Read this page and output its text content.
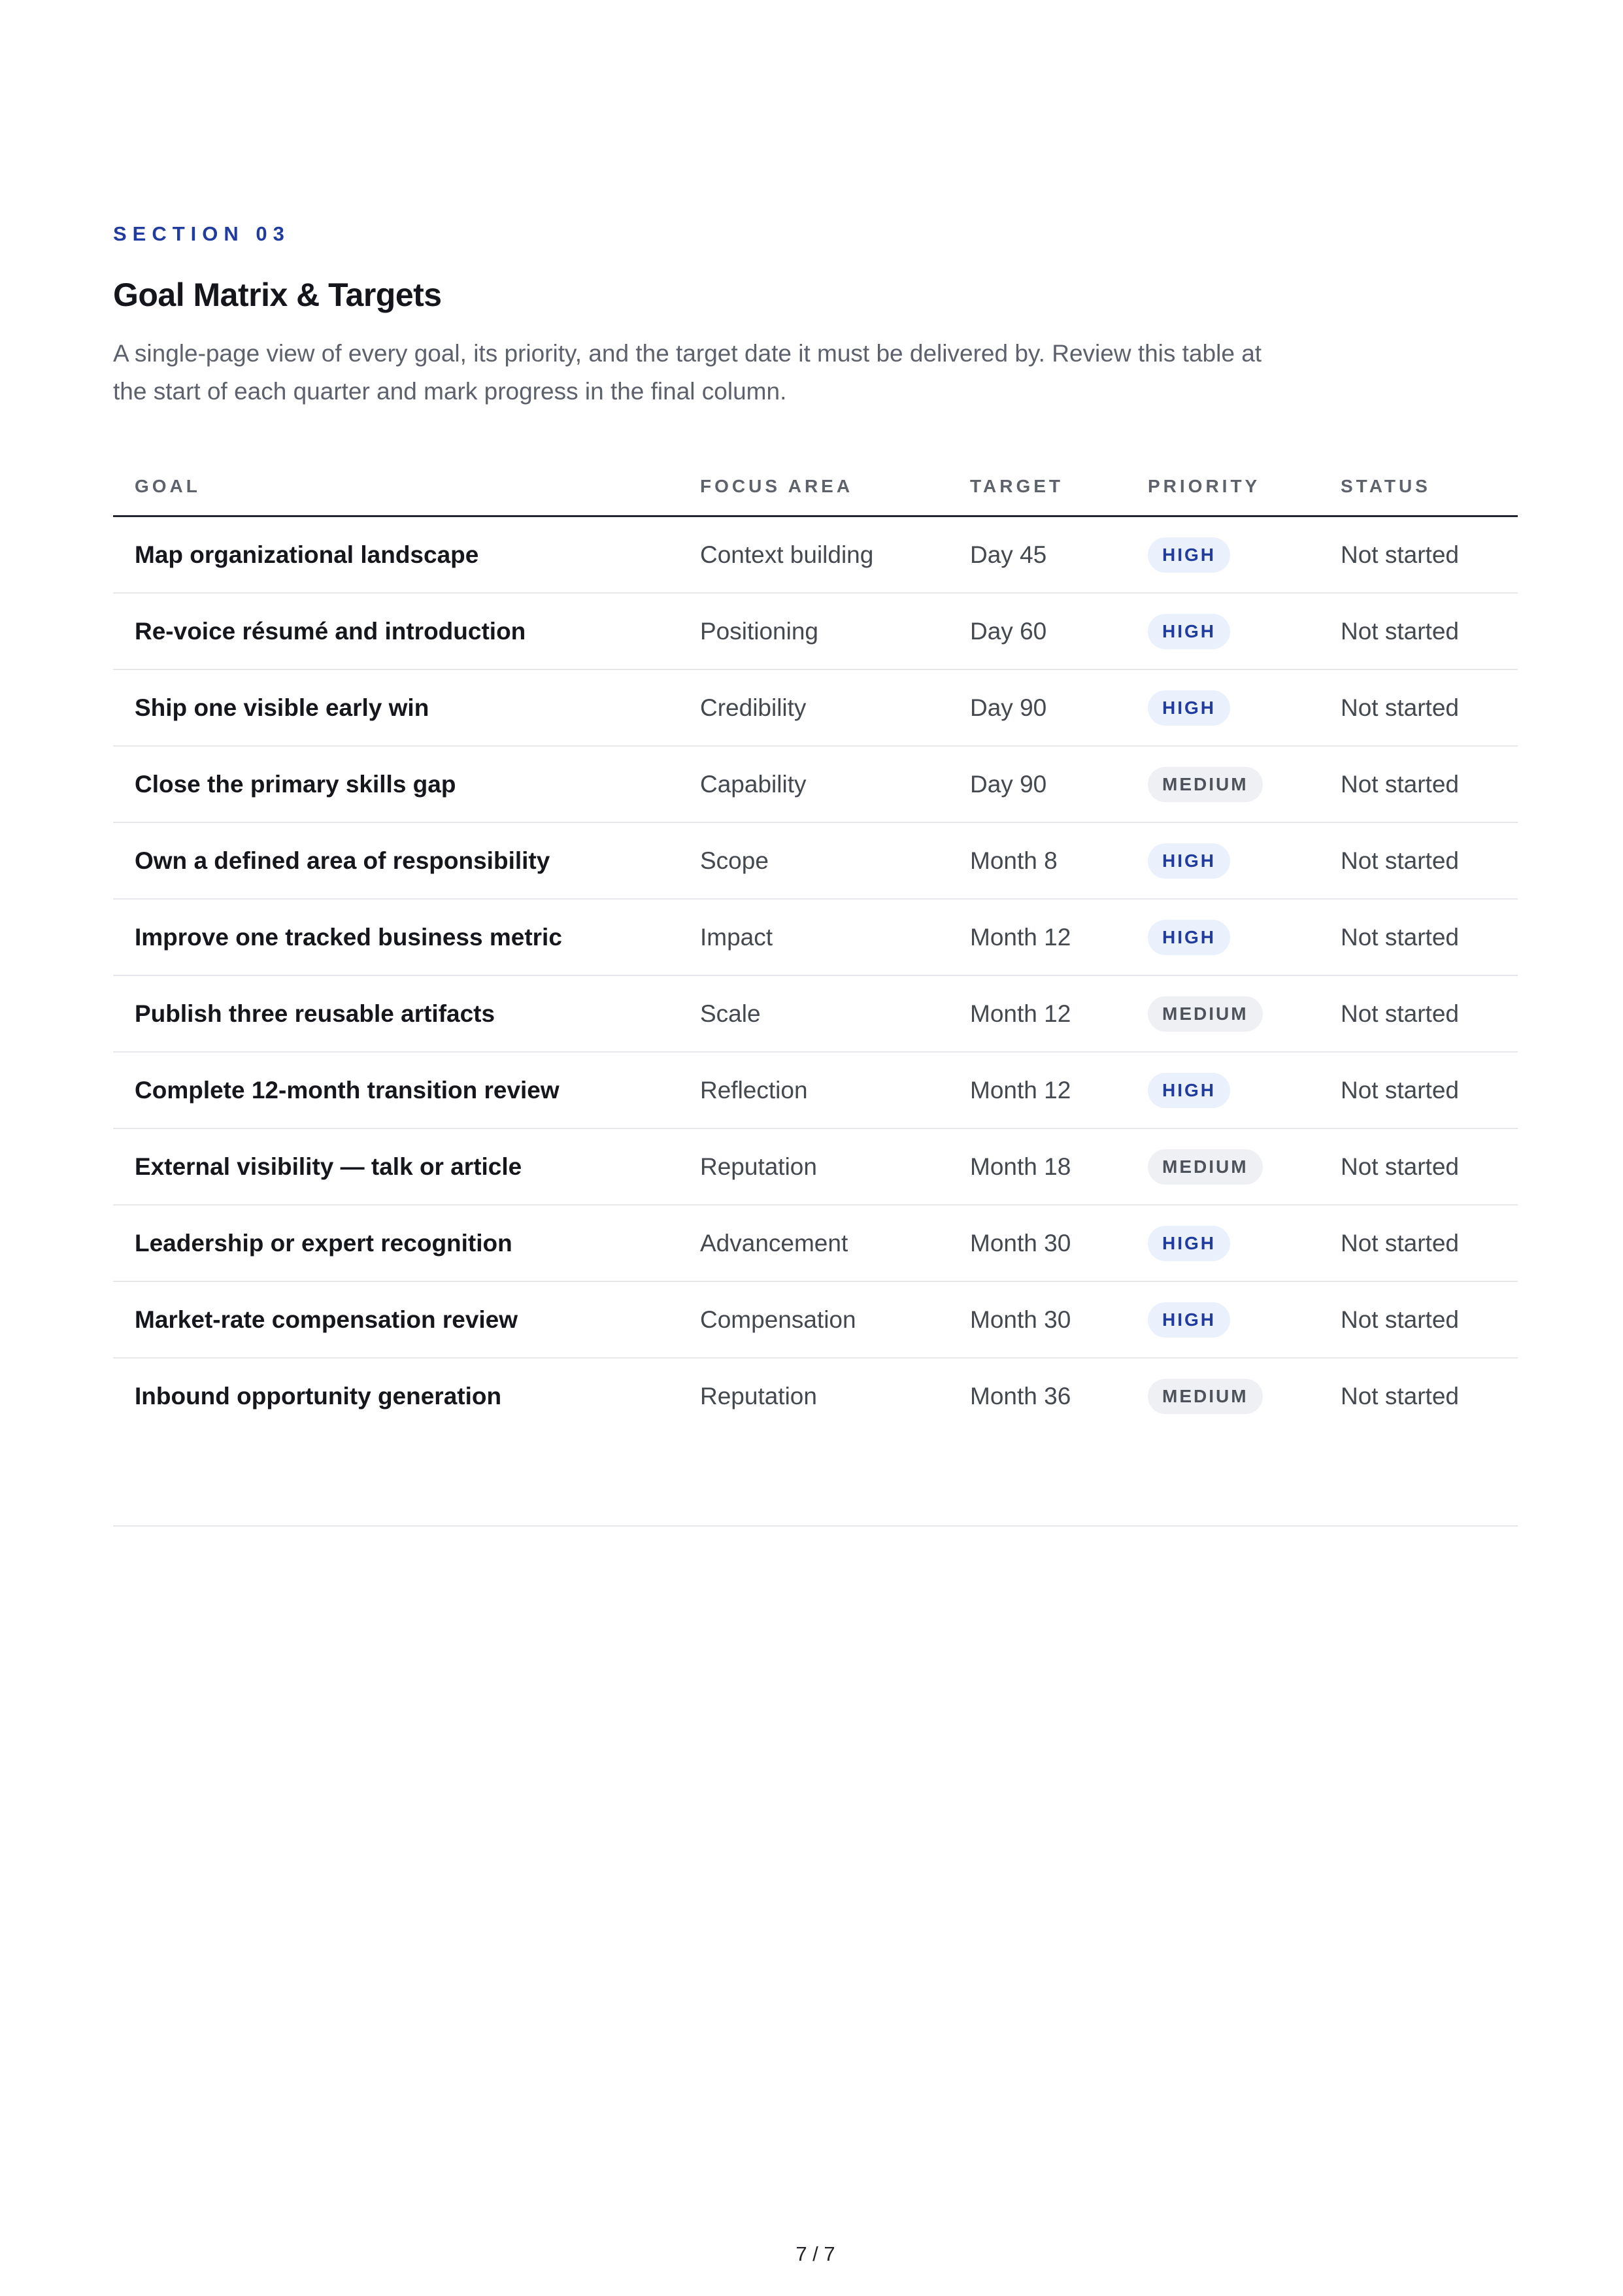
SECTION 03
Goal Matrix & Targets
A single-page view of every goal, its priority, and the target date it must be delivered by. Review this table at the start of each quarter and mark progress in the final column.
GOAL	FOCUS AREA	TARGET	PRIORITY	STATUS
Map organizational landscape	Context building	Day 45	HIGH	Not started
Re-voice résumé and introduction	Positioning	Day 60	HIGH	Not started
Ship one visible early win	Credibility	Day 90	HIGH	Not started
Close the primary skills gap	Capability	Day 90	MEDIUM	Not started
Own a defined area of responsibility	Scope	Month 8	HIGH	Not started
Improve one tracked business metric	Impact	Month 12	HIGH	Not started
Publish three reusable artifacts	Scale	Month 12	MEDIUM	Not started
Complete 12-month transition review	Reflection	Month 12	HIGH	Not started
External visibility — talk or article	Reputation	Month 18	MEDIUM	Not started
Leadership or expert recognition	Advancement	Month 30	HIGH	Not started
Market-rate compensation review	Compensation	Month 30	HIGH	Not started
Inbound opportunity generation	Reputation	Month 36	MEDIUM	Not started
7 / 7
